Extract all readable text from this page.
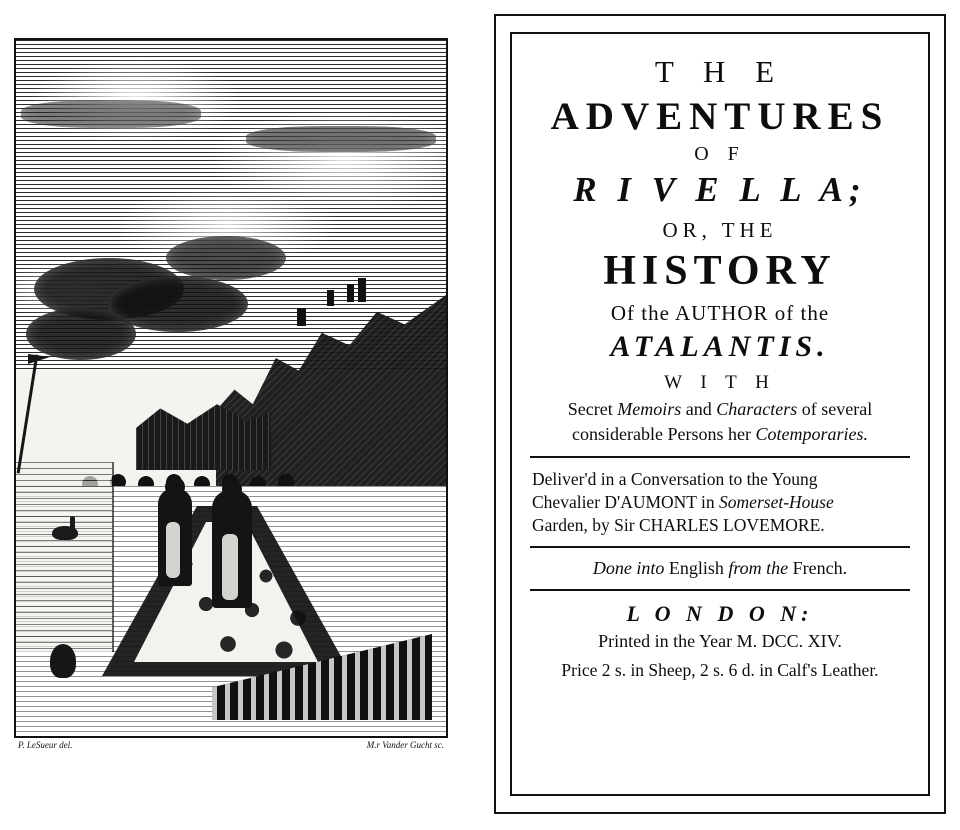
P. LeSueur del.	M.r Vander Gucht sc.
T H E
ADVENTURES
O F
R I V E L L A;
OR, THE
HISTORY
Of the AUTHOR of the
ATALANTIS.
W I T H
Secret Memoirs and Characters of several
considerable Persons her Cotemporaries.
Deliver'd in a Conversation to the Young
Chevalier D'AUMONT in Somerset-House
Garden, by Sir CHARLES LOVEMORE.
Done into English from the French.
L O N D O N:
Printed in the Year M. DCC. XIV.
Price 2 s. in Sheep, 2 s. 6 d. in Calf's Leather.
